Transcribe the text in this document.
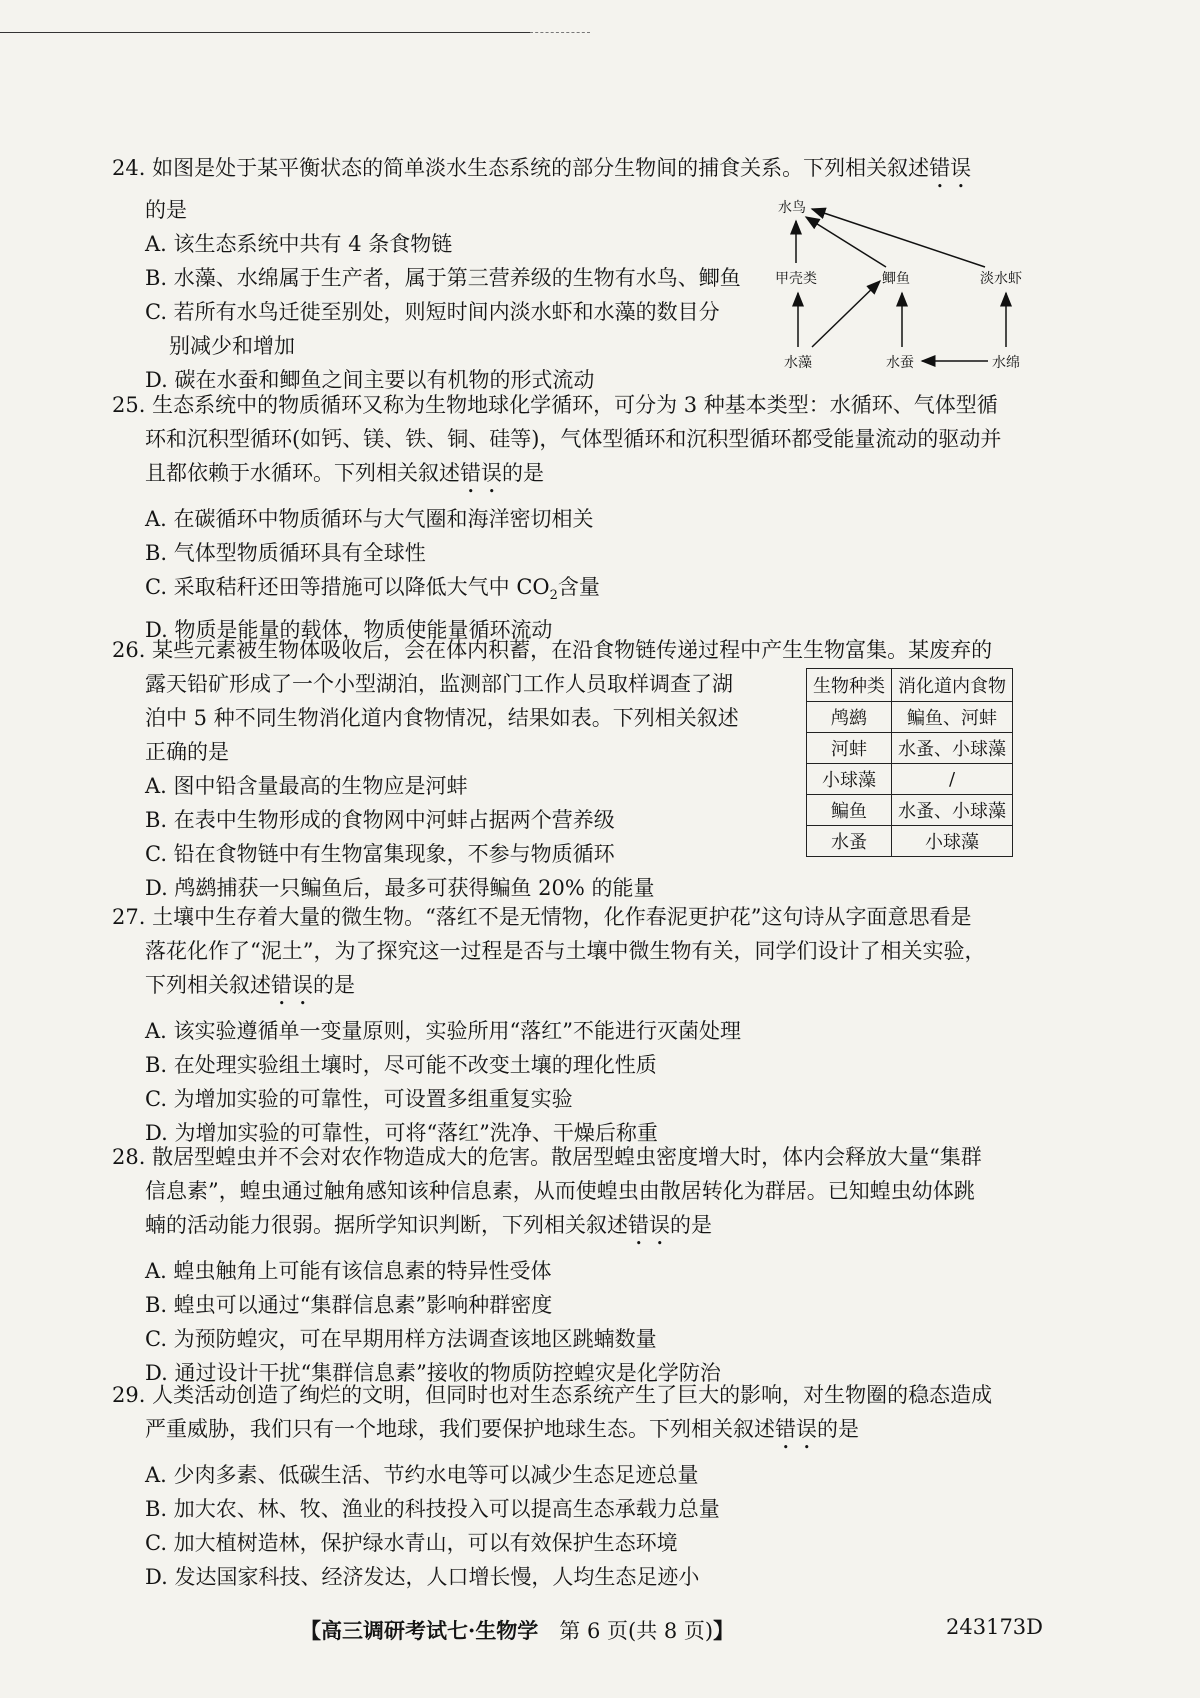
24. 如图是处于某平衡状态的简单淡水生态系统的部分生物间的捕食关系。下列相关叙述错误
的是
A. 该生态系统中共有 4 条食物链
B. 水藻、水绵属于生产者，属于第三营养级的生物有水鸟、鲫鱼
C. 若所有水鸟迁徙至别处，则短时间内淡水虾和水藻的数目分
别减少和增加
D. 碳在水蚕和鲫鱼之间主要以有机物的形式流动
水鸟
甲壳类	鲫鱼	淡水虾
水藻	水蚕	水绵
25. 生态系统中的物质循环又称为生物地球化学循环，可分为 3 种基本类型：水循环、气体型循
环和沉积型循环(如钙、镁、铁、铜、硅等)，气体型循环和沉积型循环都受能量流动的驱动并
且都依赖于水循环。下列相关叙述错误的是
A. 在碳循环中物质循环与大气圈和海洋密切相关
B. 气体型物质循环具有全球性
C. 采取秸秆还田等措施可以降低大气中 $CO_2$含量
D. 物质是能量的载体，物质使能量循环流动
26. 某些元素被生物体吸收后，会在体内积蓄，在沿食物链传递过程中产生生物富集。某废弃的
露天铅矿形成了一个小型湖泊，监测部门工作人员取样调查了湖
泊中 5 种不同生物消化道内食物情况，结果如表。下列相关叙述
正确的是
A. 图中铅含量最高的生物应是河蚌
B. 在表中生物形成的食物网中河蚌占据两个营养级
C. 铅在食物链中有生物富集现象，不参与物质循环
D. 鸬鹚捕获一只鳊鱼后，最多可获得鳊鱼 20% 的能量
生物种类	消化道内食物
鸬鹚	鳊鱼、河蚌
河蚌	水蚤、小球藻
小球藻	/
鳊鱼	水蚤、小球藻
水蚤	小球藻
27. 土壤中生存着大量的微生物。“落红不是无情物，化作春泥更护花”这句诗从字面意思看是
落花化作了“泥土”，为了探究这一过程是否与土壤中微生物有关，同学们设计了相关实验，
下列相关叙述错误的是
A. 该实验遵循单一变量原则，实验所用“落红”不能进行灭菌处理
B. 在处理实验组土壤时，尽可能不改变土壤的理化性质
C. 为增加实验的可靠性，可设置多组重复实验
D. 为增加实验的可靠性，可将“落红”洗净、干燥后称重
28. 散居型蝗虫并不会对农作物造成大的危害。散居型蝗虫密度增大时，体内会释放大量“集群
信息素”，蝗虫通过触角感知该种信息素，从而使蝗虫由散居转化为群居。已知蝗虫幼体跳
蝻的活动能力很弱。据所学知识判断，下列相关叙述错误的是
A. 蝗虫触角上可能有该信息素的特异性受体
B. 蝗虫可以通过“集群信息素”影响种群密度
C. 为预防蝗灾，可在早期用样方法调查该地区跳蝻数量
D. 通过设计干扰“集群信息素”接收的物质防控蝗灾是化学防治
29. 人类活动创造了绚烂的文明，但同时也对生态系统产生了巨大的影响，对生物圈的稳态造成
严重威胁，我们只有一个地球，我们要保护地球生态。下列相关叙述错误的是
A. 少肉多素、低碳生活、节约水电等可以减少生态足迹总量
B. 加大农、林、牧、渔业的科技投入可以提高生态承载力总量
C. 加大植树造林，保护绿水青山，可以有效保护生态环境
D. 发达国家科技、经济发达，人口增长慢，人均生态足迹小
【高三调研考试七·生物学　第 6 页(共 8 页)】	243173D
